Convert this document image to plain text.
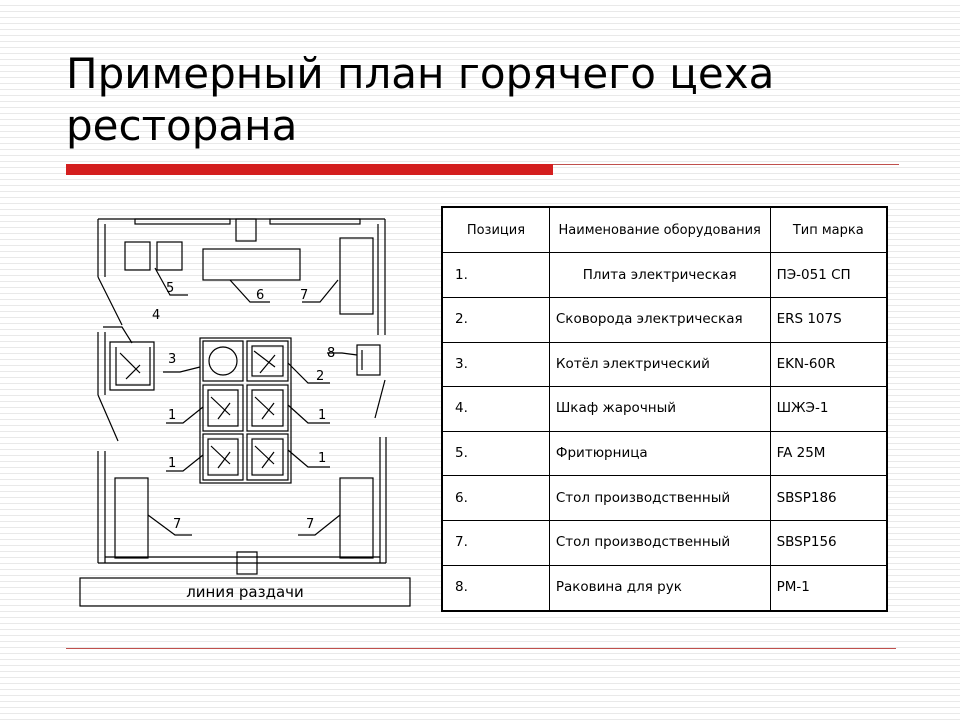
Примерный план горячего цеха ресторана
5	6	7
4
3	8
2
1	1
1	1
7	7
линия раздачи
Позиция	Наименование оборудования	Тип марка
1.	Плита электрическая	ПЭ-051 СП
2.	Сковорода электрическая	ERS 107S
3.	Котёл электрический	EKN-60R
4.	Шкаф жарочный	ШЖЭ-1
5.	Фритюрница	FA 25M
6.	Стол производственный	SBSP186
7.	Стол производственный	SBSP156
8.	Раковина для рук	РМ-1
